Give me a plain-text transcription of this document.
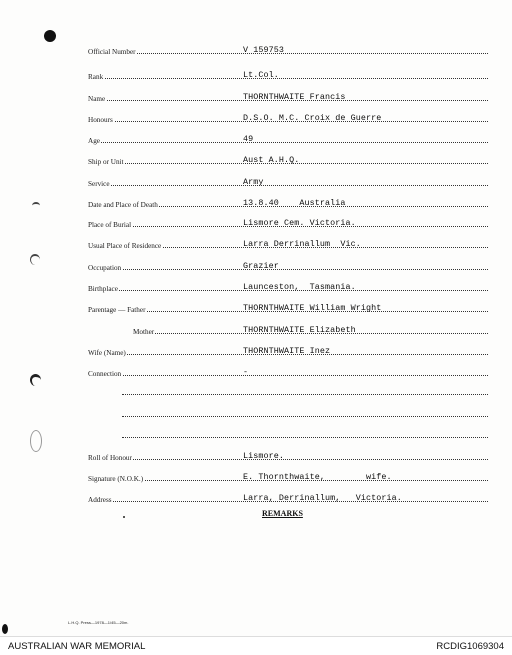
Official Number	V 159753
Rank	Lt.Col.
Name	THORNTHWAITE Francis
Honours	D.S.O. M.C. Croix de Guerre
Age	49
Ship or Unit	Aust A.H.Q.
Service	Army
Date and Place of Death	13.8.40    Australia
Place of Burial	Lismore Cem. Victoria.
Usual Place of Residence	Larra Derrinallum  Vic.
Occupation	Grazier
Birthplace	Launceston,  Tasmania.
Parentage — Father	THORNTHWAITE William Wright
Mother	THORNTHWAITE Elizabeth
Wife (Name)	THORNTHWAITE Inez
Connection	-
Roll of Honour	Lismore.
Signature (N.O.K.)	E. Thornthwaite,        wife.
Address	Larra, Derrinallum,   Victoria.
REMARKS
L.H.Q. Press—1978—1/45—20m.
AUSTRALIAN WAR MEMORIAL	RCDIG1069304
